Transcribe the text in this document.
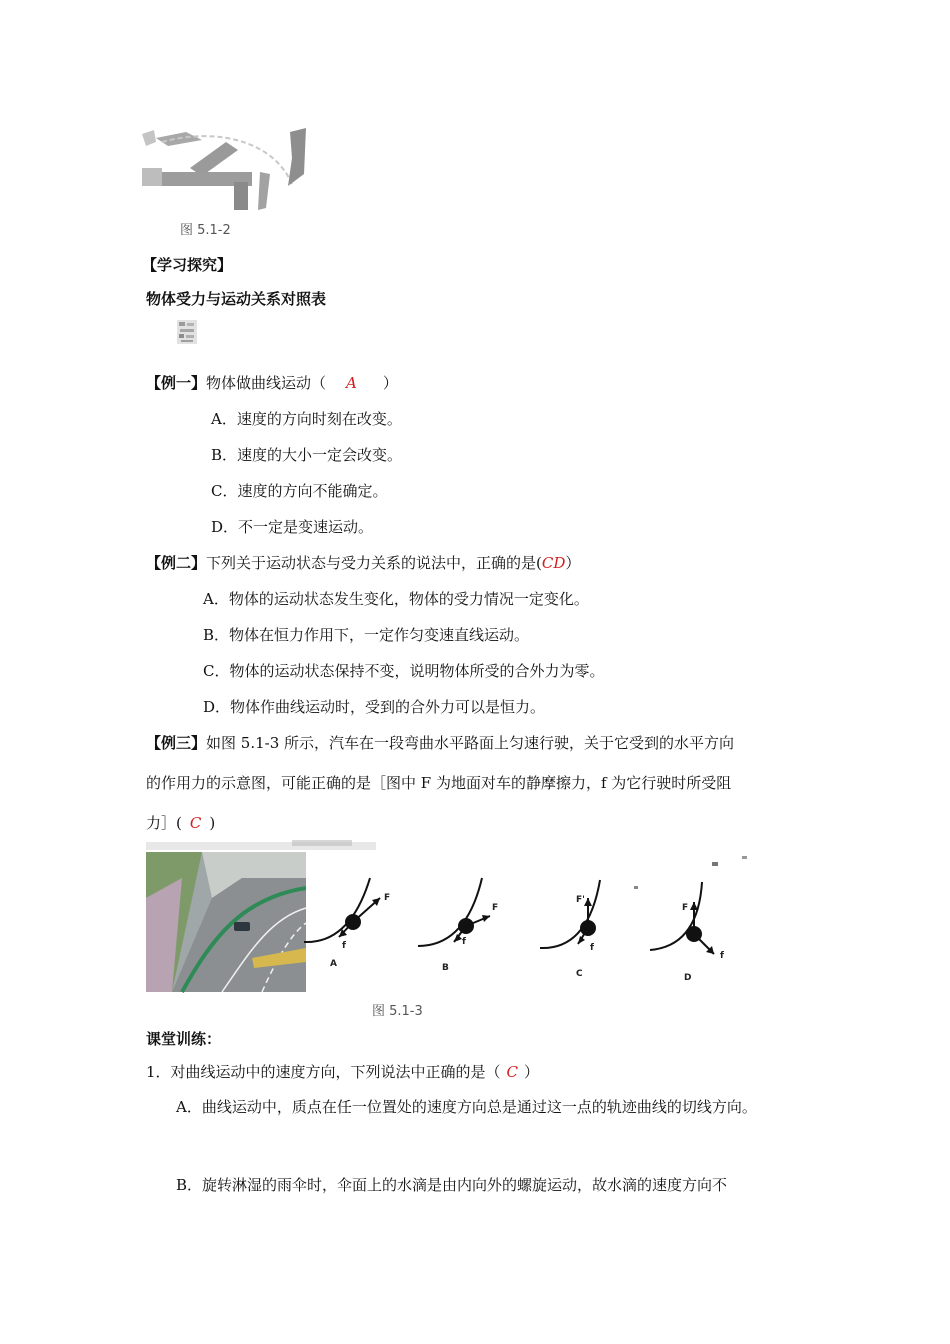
图 5.1-2
【学习探究】
物体受力与运动关系对照表
【例一】物体做曲线运动（ A ）
A．速度的方向时刻在改变。
B．速度的大小一定会改变。
C．速度的方向不能确定。
D．不一定是变速运动。
【例二】下列关于运动状态与受力关系的说法中，正确的是(CD）
A．物体的运动状态发生变化，物体的受力情况一定变化。
B．物体在恒力作用下，一定作匀变速直线运动。
C．物体的运动状态保持不变，说明物体所受的合外力为零。
D．物体作曲线运动时，受到的合外力可以是恒力。
【例三】如图 5.1-3 所示，汽车在一段弯曲水平路面上匀速行驶，关于它受到的水平方向
的作用力的示意图，可能正确的是［图中 F 为地面对车的静摩擦力，f 为它行驶时所受阻
力］( C )
F
f
A
F
f
B
F'
f
C
F
f
D
图 5.1-3
课堂训练：
1．对曲线运动中的速度方向，下列说法中正确的是（ C ）
A．曲线运动中，质点在任一位置处的速度方向总是通过这一点的轨迹曲线的切线方向。
B．旋转淋湿的雨伞时，伞面上的水滴是由内向外的螺旋运动，故水滴的速度方向不
